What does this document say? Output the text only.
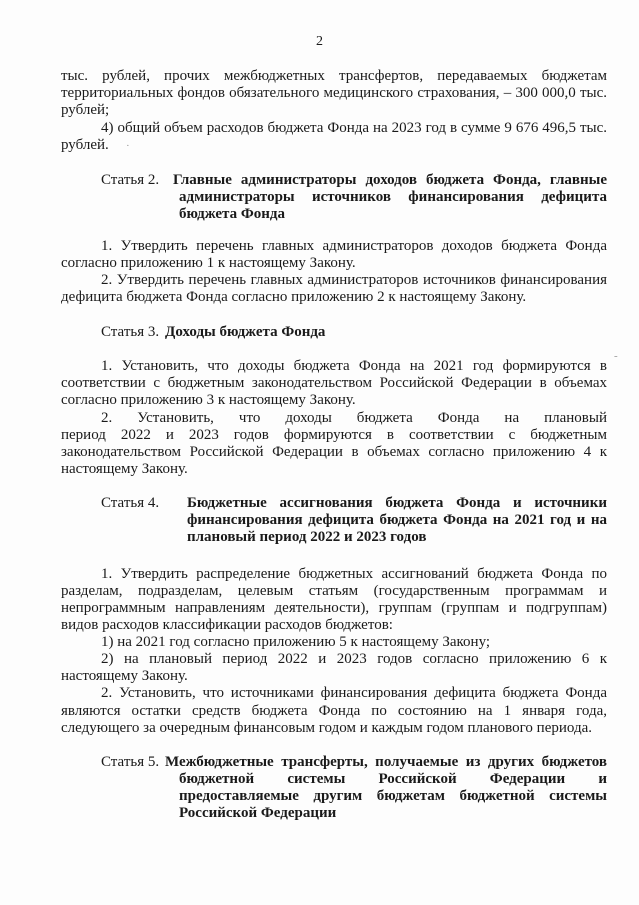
2
тыс. рублей, прочих межбюджетных трансфертов, передаваемых бюджетам
территориальных фондов обязательного медицинского страхования, – 300 000,0 тыс.
рублей;
4) общий объем расходов бюджета Фонда на 2023 год в сумме 9 676 496,5 тыс.
рублей.
Статья 2. Главные администраторы доходов бюджета Фонда, главные
администраторы источников финансирования дефицита
бюджета Фонда
1. Утвердить перечень главных администраторов доходов бюджета Фонда
согласно приложению 1 к настоящему Закону.
2. Утвердить перечень главных администраторов источников финансирования
дефицита бюджета Фонда согласно приложению 2 к настоящему Закону.
Статья 3. Доходы бюджета Фонда
1. Установить, что доходы бюджета Фонда на 2021 год формируются в
соответствии с бюджетным законодательством Российской Федерации в объемах
согласно приложению 3 к настоящему Закону.
2. Установить, что доходы бюджета Фонда на плановый
период 2022 и 2023 годов формируются в соответствии с бюджетным
законодательством Российской Федерации в объемах согласно приложению 4 к
настоящему Закону.
Статья 4. Бюджетные ассигнования бюджета Фонда и источники
финансирования дефицита бюджета Фонда на 2021 год и на
плановый период 2022 и 2023 годов
1. Утвердить распределение бюджетных ассигнований бюджета Фонда по
разделам, подразделам, целевым статьям (государственным программам и
непрограммным направлениям деятельности), группам (группам и подгруппам)
видов расходов классификации расходов бюджетов:
1) на 2021 год согласно приложению 5 к настоящему Закону;
2) на плановый период 2022 и 2023 годов согласно приложению 6 к
настоящему Закону.
2. Установить, что источниками финансирования дефицита бюджета Фонда
являются остатки средств бюджета Фонда по состоянию на 1 января года,
следующего за очередным финансовым годом и каждым годом планового периода.
Статья 5. Межбюджетные трансферты, получаемые из других бюджетов
бюджетной системы Российской Федерации и
предоставляемые другим бюджетам бюджетной системы
Российской Федерации
·
-
